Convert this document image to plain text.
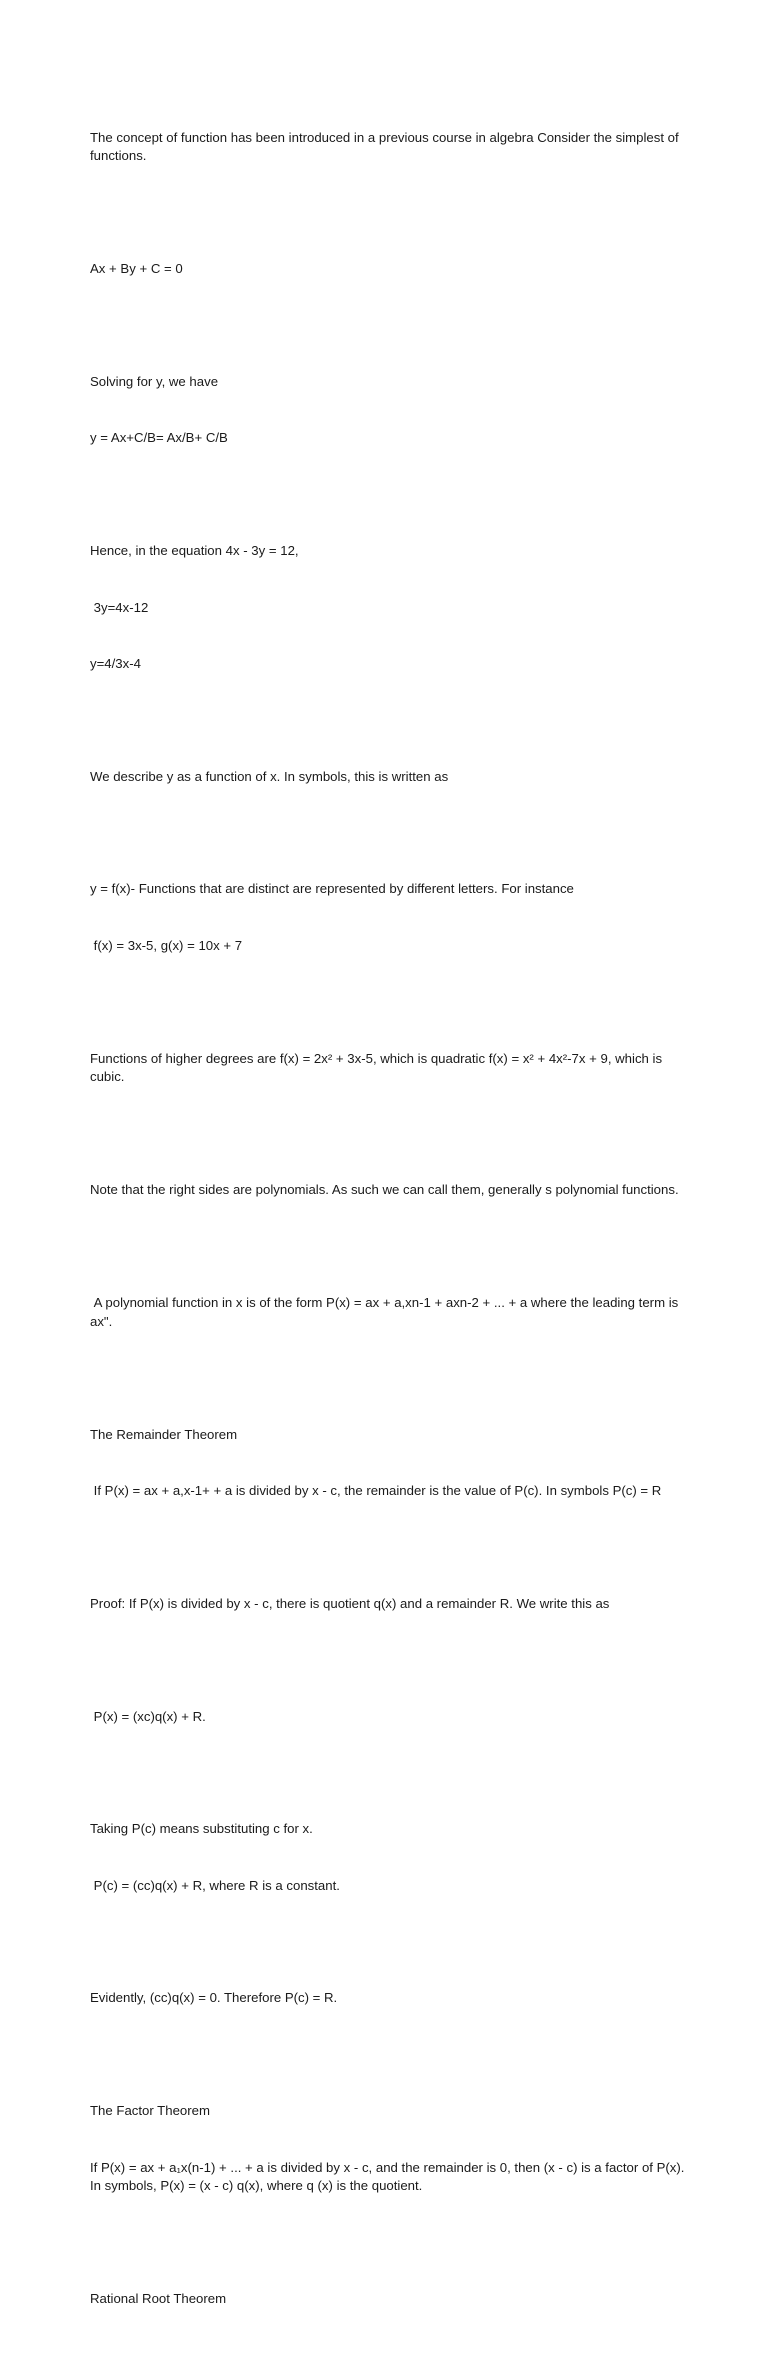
The concept of function has been introduced in a previous course in algebra Consider the simplest of functions.

Ax + By + C = 0

Solving for y, we have

y = Ax+C/B= Ax/B+ C/B

Hence, in the equation 4x - 3y = 12,

3y=4x-12

y=4/3x-4

We describe y as a function of x. In symbols, this is written as

y = f(x)- Functions that are distinct are represented by different letters. For instance

f(x) = 3x-5, g(x) = 10x + 7

Functions of higher degrees are f(x) = 2x² + 3x-5, which is quadratic f(x) = x² + 4x²-7x + 9, which is cubic.

Note that the right sides are polynomials. As such we can call them, generally s polynomial functions.

A polynomial function in x is of the form P(x) = ax + a,xn-1 + axn-2 + ... + a where the leading term is ax".

The Remainder Theorem

If P(x) = ax + a,x-1+ + a is divided by x - c, the remainder is the value of P(c). In symbols P(c) = R

Proof: If P(x) is divided by x - c, there is quotient q(x) and a remainder R. We write this as

P(x) = (xc)q(x) + R.

Taking P(c) means substituting c for x.

P(c) = (cc)q(x) + R, where R is a constant.

Evidently, (cc)q(x) = 0. Therefore P(c) = R.

The Factor Theorem

If P(x) = ax + a₁x(n-1) + ... + a is divided by x - c, and the remainder is 0, then (x - c) is a factor of P(x). In symbols, P(x) = (x - c) q(x), where q (x) is the quotient.

Rational Root Theorem
